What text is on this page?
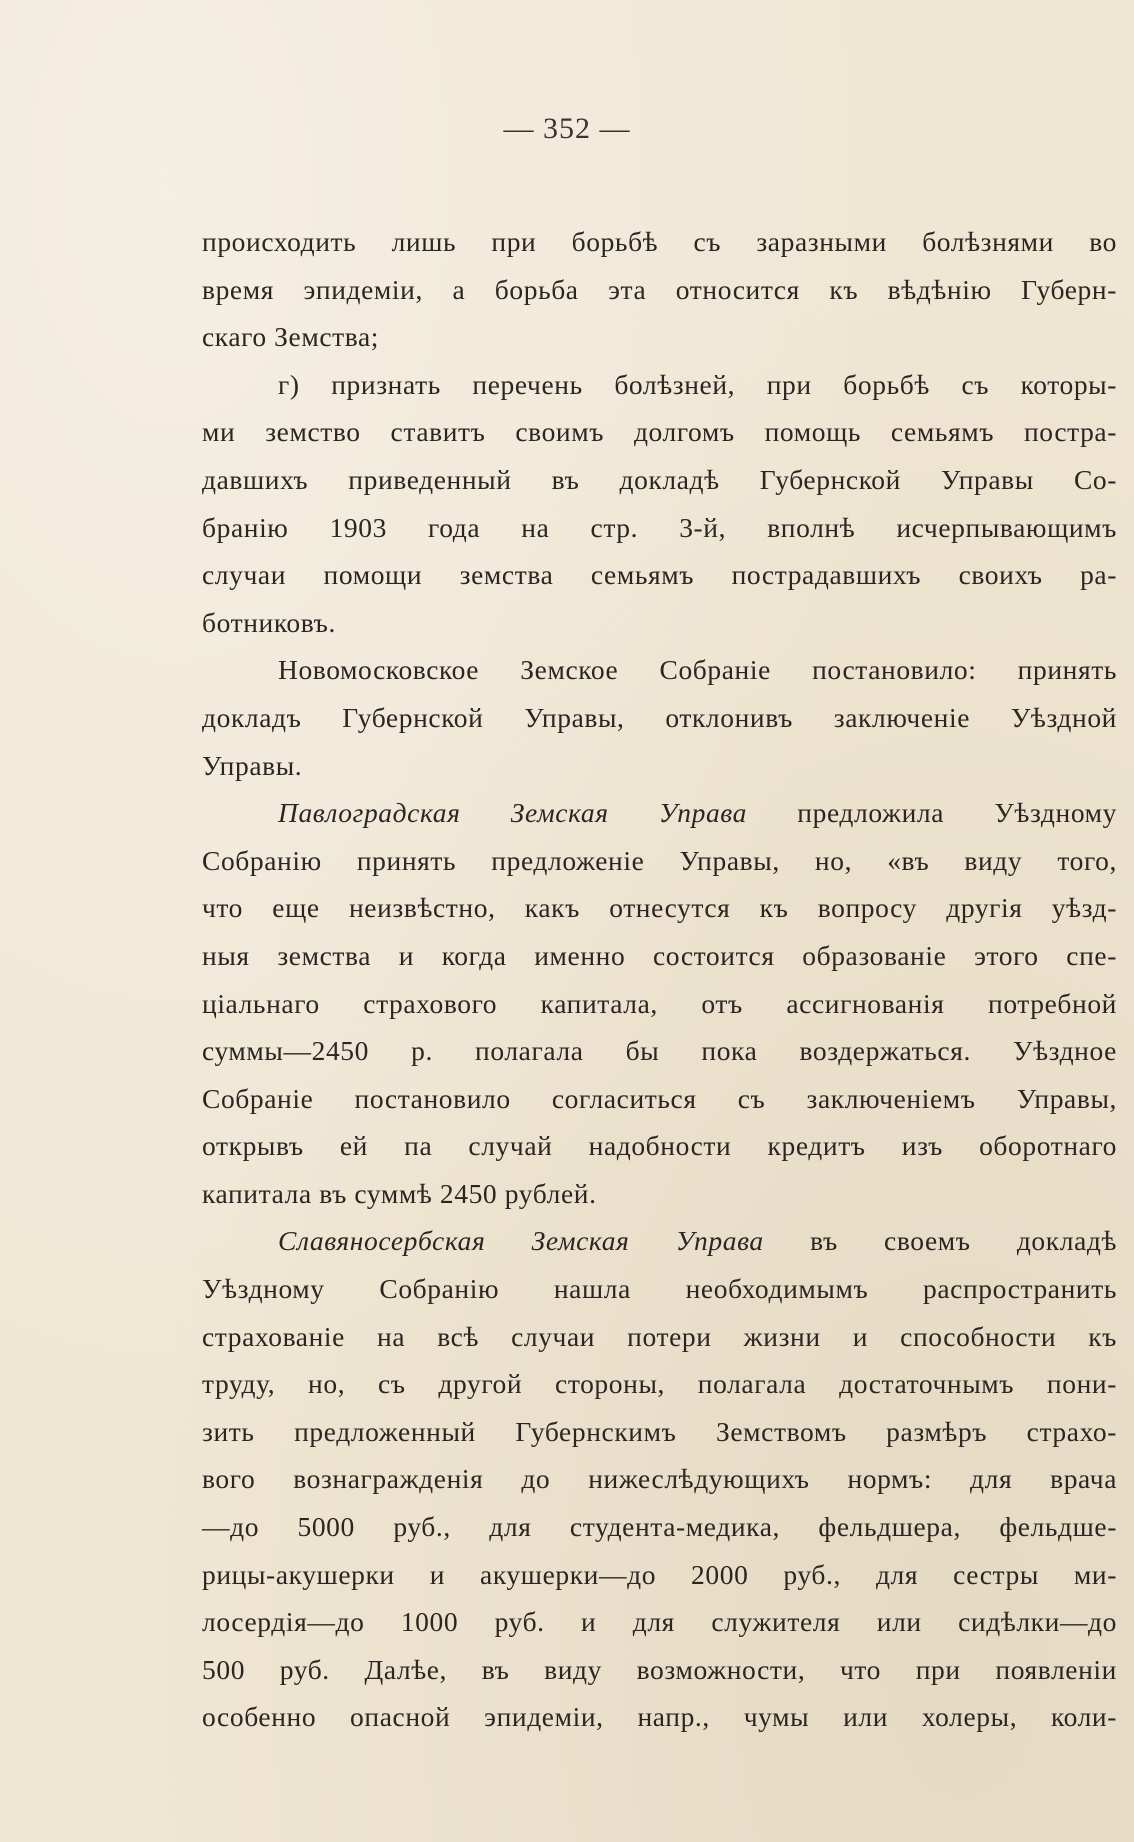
— 352 —
происходить лишь при борьбѣ съ заразными болѣзнями во
время эпидеміи, а борьба эта относится къ вѣдѣнію Губерн-
скаго Земства;
г) признать перечень болѣзней, при борьбѣ съ которы-
ми земство ставитъ своимъ долгомъ помощь семьямъ постра-
давшихъ приведенный въ докладѣ Губернской Управы Со-
бранію 1903 года на стр. 3-й, вполнѣ исчерпывающимъ
случаи помощи земства семьямъ пострадавшихъ своихъ ра-
ботниковъ.
Новомосковское Земское Собраніе постановило: принять
докладъ Губернской Управы, отклонивъ заключеніе Уѣздной
Управы.
Павлоградская Земская Управа предложила Уѣздному
Собранію принять предложеніе Управы, но, «въ виду того,
что еще неизвѣстно, какъ отнесутся къ вопросу другія уѣзд-
ныя земства и когда именно состоится образованіе этого спе-
ціальнаго страхового капитала, отъ ассигнованія потребной
суммы—2450 р. полагала бы пока воздержаться. Уѣздное
Собраніе постановило согласиться съ заключеніемъ Управы,
открывъ ей па случай надобности кредитъ изъ оборотнаго
капитала въ суммѣ 2450 рублей.
Славяносербская Земская Управа въ своемъ докладѣ
Уѣздному Собранію нашла необходимымъ распространить
страхованіе на всѣ случаи потери жизни и способности къ
труду, но, съ другой стороны, полагала достаточнымъ пони-
зить предложенный Губернскимъ Земствомъ размѣръ страхо-
вого вознагражденія до нижеслѣдующихъ нормъ: для врача
—до 5000 руб., для студента-медика, фельдшера, фельдше-
рицы-акушерки и акушерки—до 2000 руб., для сестры ми-
лосердія—до 1000 руб. и для служителя или сидѣлки—до
500 руб. Далѣе, въ виду возможности, что при появленіи
особенно опасной эпидеміи, напр., чумы или холеры, коли-
